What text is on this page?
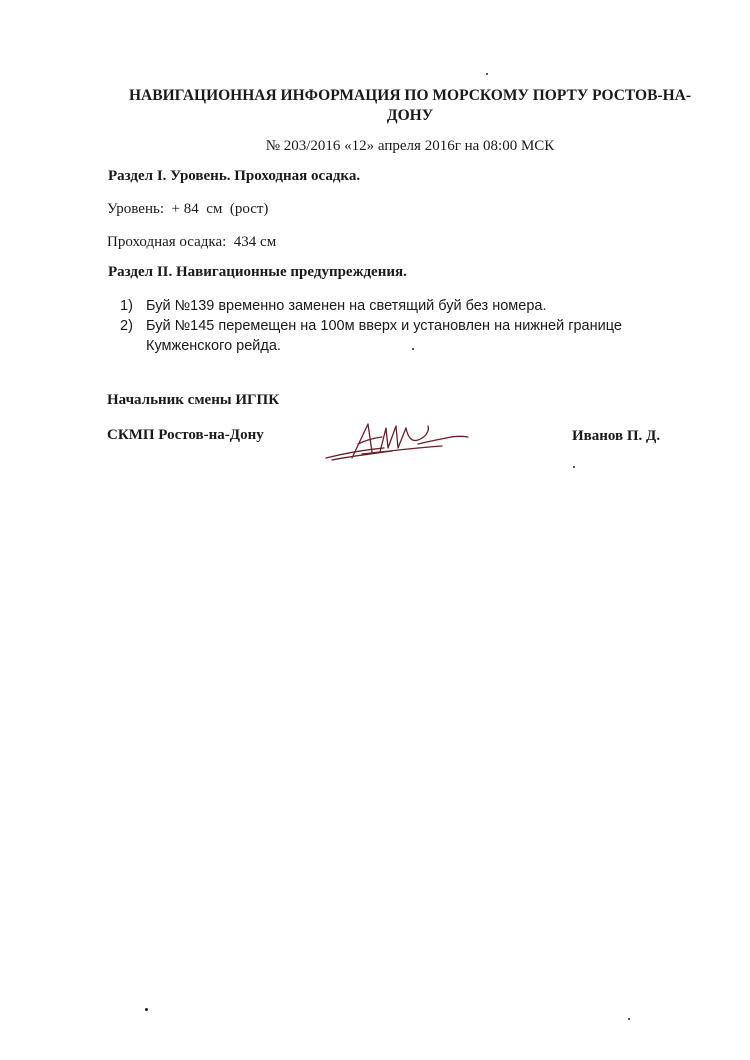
НАВИГАЦИОННАЯ ИНФОРМАЦИЯ ПО МОРСКОМУ ПОРТУ РОСТОВ-НА-ДОНУ
№ 203/2016 «12» апреля 2016г на 08:00 МСК
Раздел I. Уровень. Проходная осадка.
Уровень:  + 84  см  (рост)
Проходная осадка:  434 см
Раздел II. Навигационные предупреждения.
1) Буй №139 временно заменен на светящий буй без номера.
2) Буй №145 перемещен на 100м вверх и установлен на нижней границе Кумженского рейда.
Начальник смены ИГПК
СКМП Ростов-на-Дону	Иванов П. Д.
